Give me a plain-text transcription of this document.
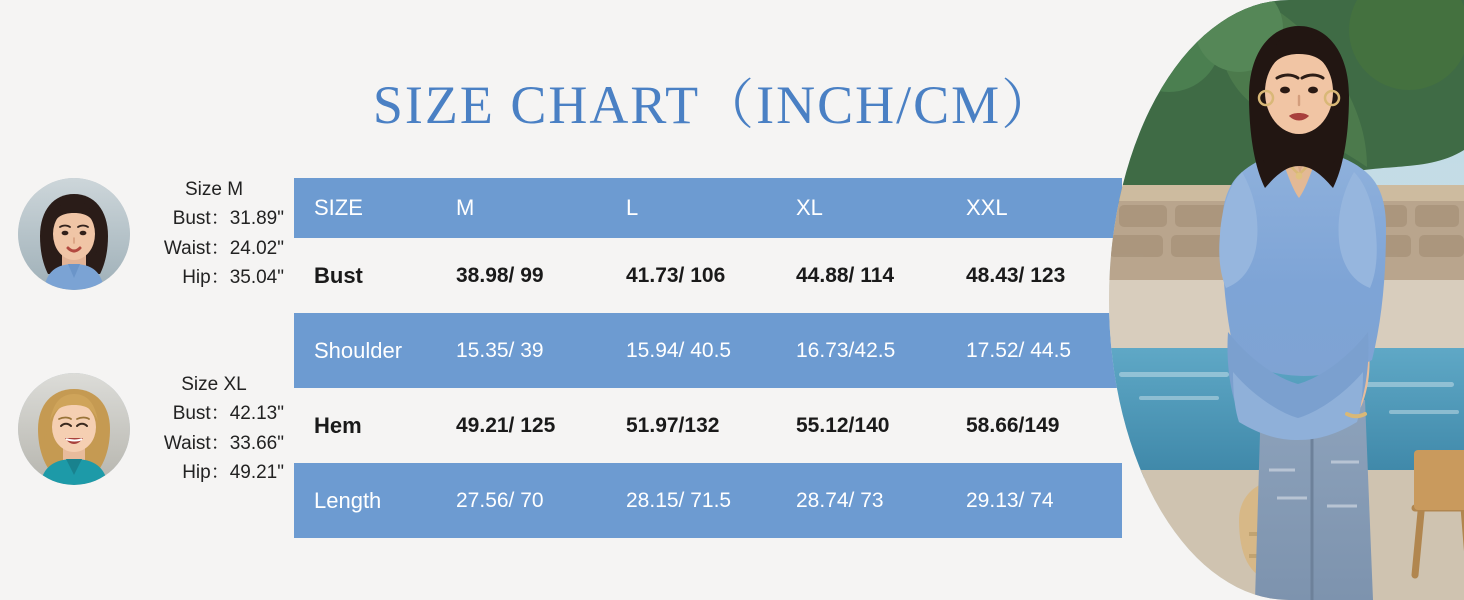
SIZE CHART（INCH/CM）
Size M
Bust：31.89"
Waist：24.02"
Hip：35.04"
Size XL
Bust：42.13"
Waist：33.66"
Hip：49.21"
SIZE	M	L	XL	XXL
Bust	38.98/ 99	41.73/ 106	44.88/ 114	48.43/ 123
Shoulder	15.35/ 39	15.94/ 40.5	16.73/42.5	17.52/ 44.5
Hem	49.21/ 125	51.97/132	55.12/140	58.66/149
Length	27.56/ 70	28.15/ 71.5	28.74/ 73	29.13/ 74
